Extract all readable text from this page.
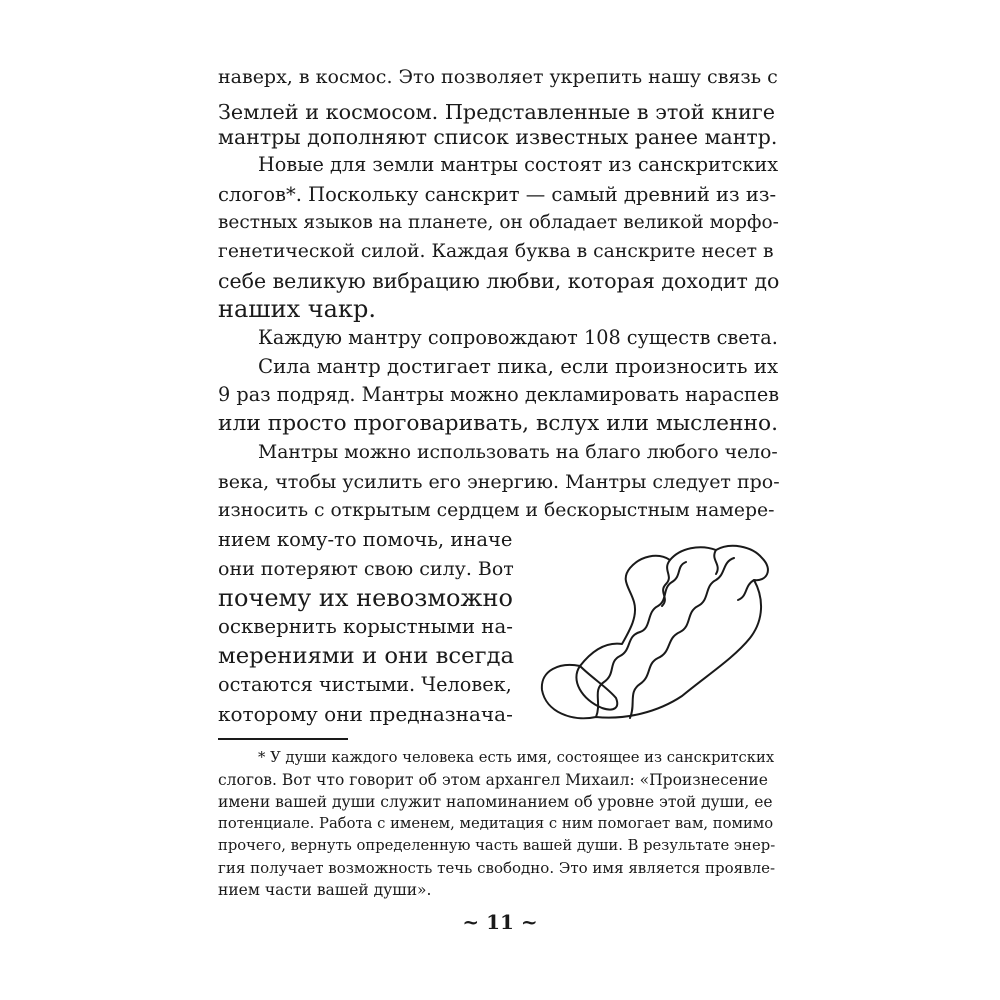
наверх, в космос. Это позволяет укрепить нашу связь с
Землей и космосом. Представленные в этой книге
мантры дополняют список известных ранее мантр.
Новые для земли мантры состоят из санскритских
слогов*. Поскольку санскрит — самый древний из из-
вестных языков на планете, он обладает великой морфо-
генетической силой. Каждая буква в санскрите несет в
себе великую вибрацию любви, которая доходит до
наших чакр.
Каждую мантру сопровождают 108 существ света.
Сила мантр достигает пика, если произносить их
9 раз подряд. Мантры можно декламировать нараспев
или просто проговаривать, вслух или мысленно.
Мантры можно использовать на благо любого чело-
века, чтобы усилить его энергию. Мантры следует про-
износить с открытым сердцем и бескорыстным намере-
нием кому-то помочь, иначе
они потеряют свою силу. Вот
почему их невозможно
осквернить корыстными на-
мерениями и они всегда
остаются чистыми. Человек,
которому они предназнача-
* У души каждого человека есть имя, состоящее из санскритских
слогов. Вот что говорит об этом архангел Михаил: «Произнесение
имени вашей души служит напоминанием об уровне этой души, ее
потенциале. Работа с именем, медитация с ним помогает вам, помимо
прочего, вернуть определенную часть вашей души. В результате энер-
гия получает возможность течь свободно. Это имя является проявле-
нием части вашей души».
~ 11 ~
